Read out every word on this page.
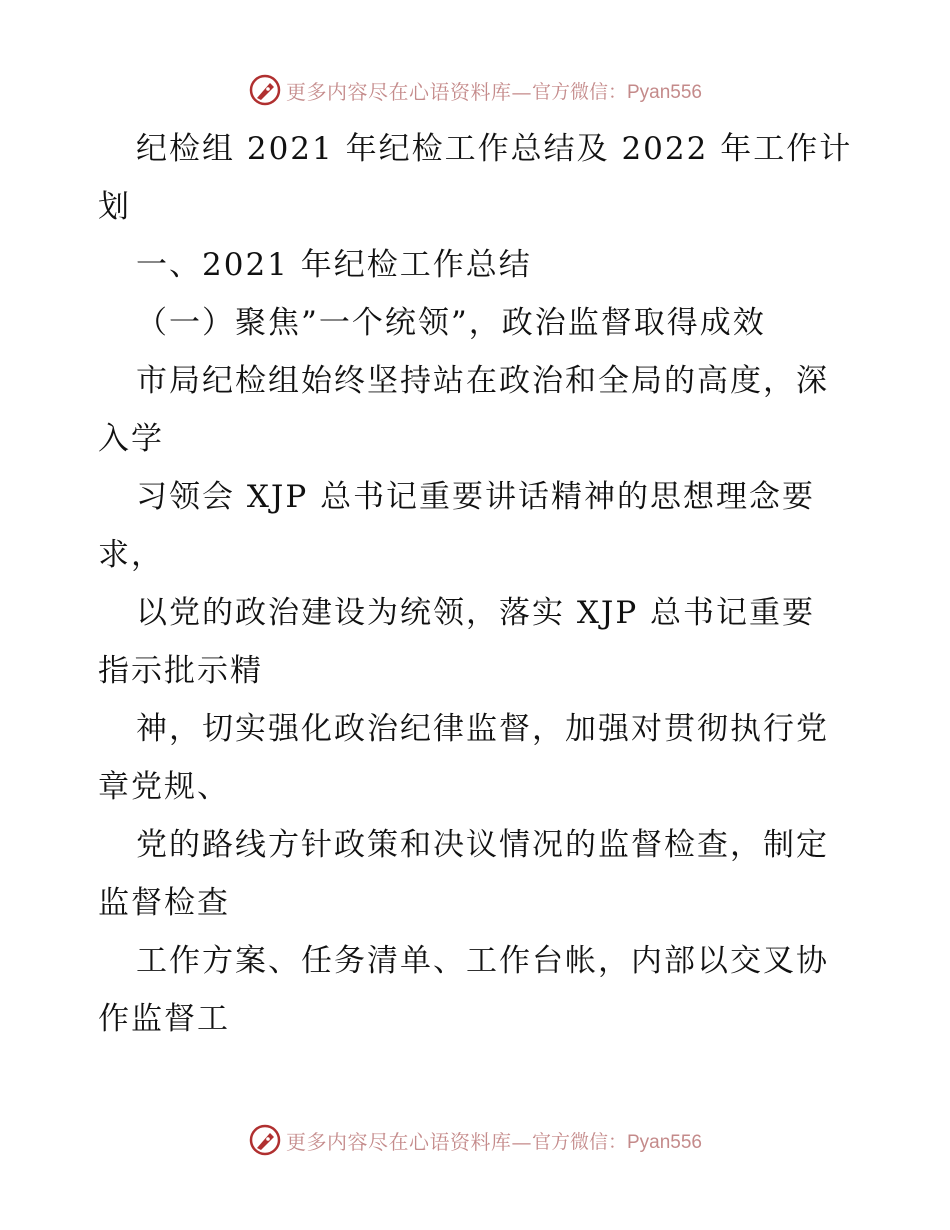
更多内容尽在心语资料库— 官方微信：Pyan556
纪检组 2021 年纪检工作总结及 2022 年工作计
划
一、2021 年纪检工作总结
（一）聚焦”一个统领”，政治监督取得成效
市局纪检组始终坚持站在政治和全局的高度，深
入学
习领会 XJP 总书记重要讲话精神的思想理念要
求，
以党的政治建设为统领，落实 XJP 总书记重要
指示批示精
神，切实强化政治纪律监督，加强对贯彻执行党
章党规、
党的路线方针政策和决议情况的监督检查，制定
监督检查
工作方案、任务清单、工作台帐，内部以交叉协
作监督工
更多内容尽在心语资料库— 官方微信：Pyan556
